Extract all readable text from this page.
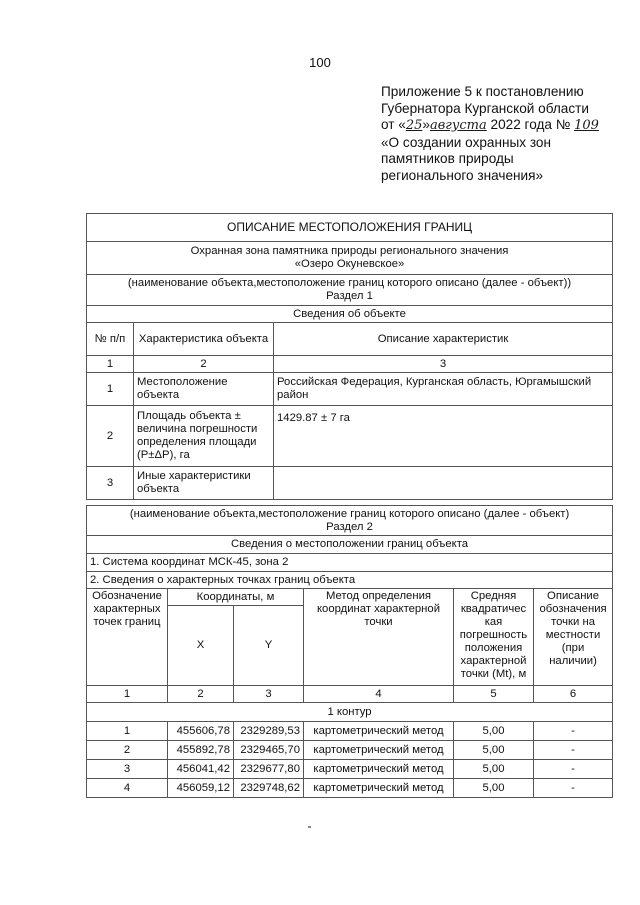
100
Приложение 5 к постановлению
Губернатора Курганской области
от «25»августа 2022 года № 109
«О создании охранных зон
памятников природы
регионального значения»
ОПИСАНИЕ МЕСТОПОЛОЖЕНИЯ ГРАНИЦ		

Охранная зона памятника природы регионального значения
«Озеро Окуневское»		

(наименование объекта,местоположение границ которого описано (далее - объект))
Раздел 1		

Сведения об объекте		
№ п/п	Характеристика объекта	Описание характеристик
1	2	3
1	Местоположение объекта	Российская Федерация, Курганская область, Юргамышский район
2	Площадь объекта ± величина погрешности определения площади (Р±ΔР), га	1429.87 ± 7 га
3	Иные характеристики объекта	
(наименование объекта,местоположение границ которого описано (далее - объект)
Раздел 2					

Сведения о местоположении границ объекта					
1. Система координат МСК-45, зона 2					
2. Сведения о характерных точках границ объекта					
Обозначение характерных точек границ	Координаты, м		Метод определения координат характерной точки	Средняя квадратичес кая погрешность положения характерной точки (Mt), м	Описание обозначения точки на местности (при наличии)
	X	Y			
1	2	3	4	5	6
1 контур					
1	455606,78	2329289,53	картометрический метод	5,00	-
2	455892,78	2329465,70	картометрический метод	5,00	-
3	456041,42	2329677,80	картометрический метод	5,00	-
4	456059,12	2329748,62	картометрический метод	5,00	-
